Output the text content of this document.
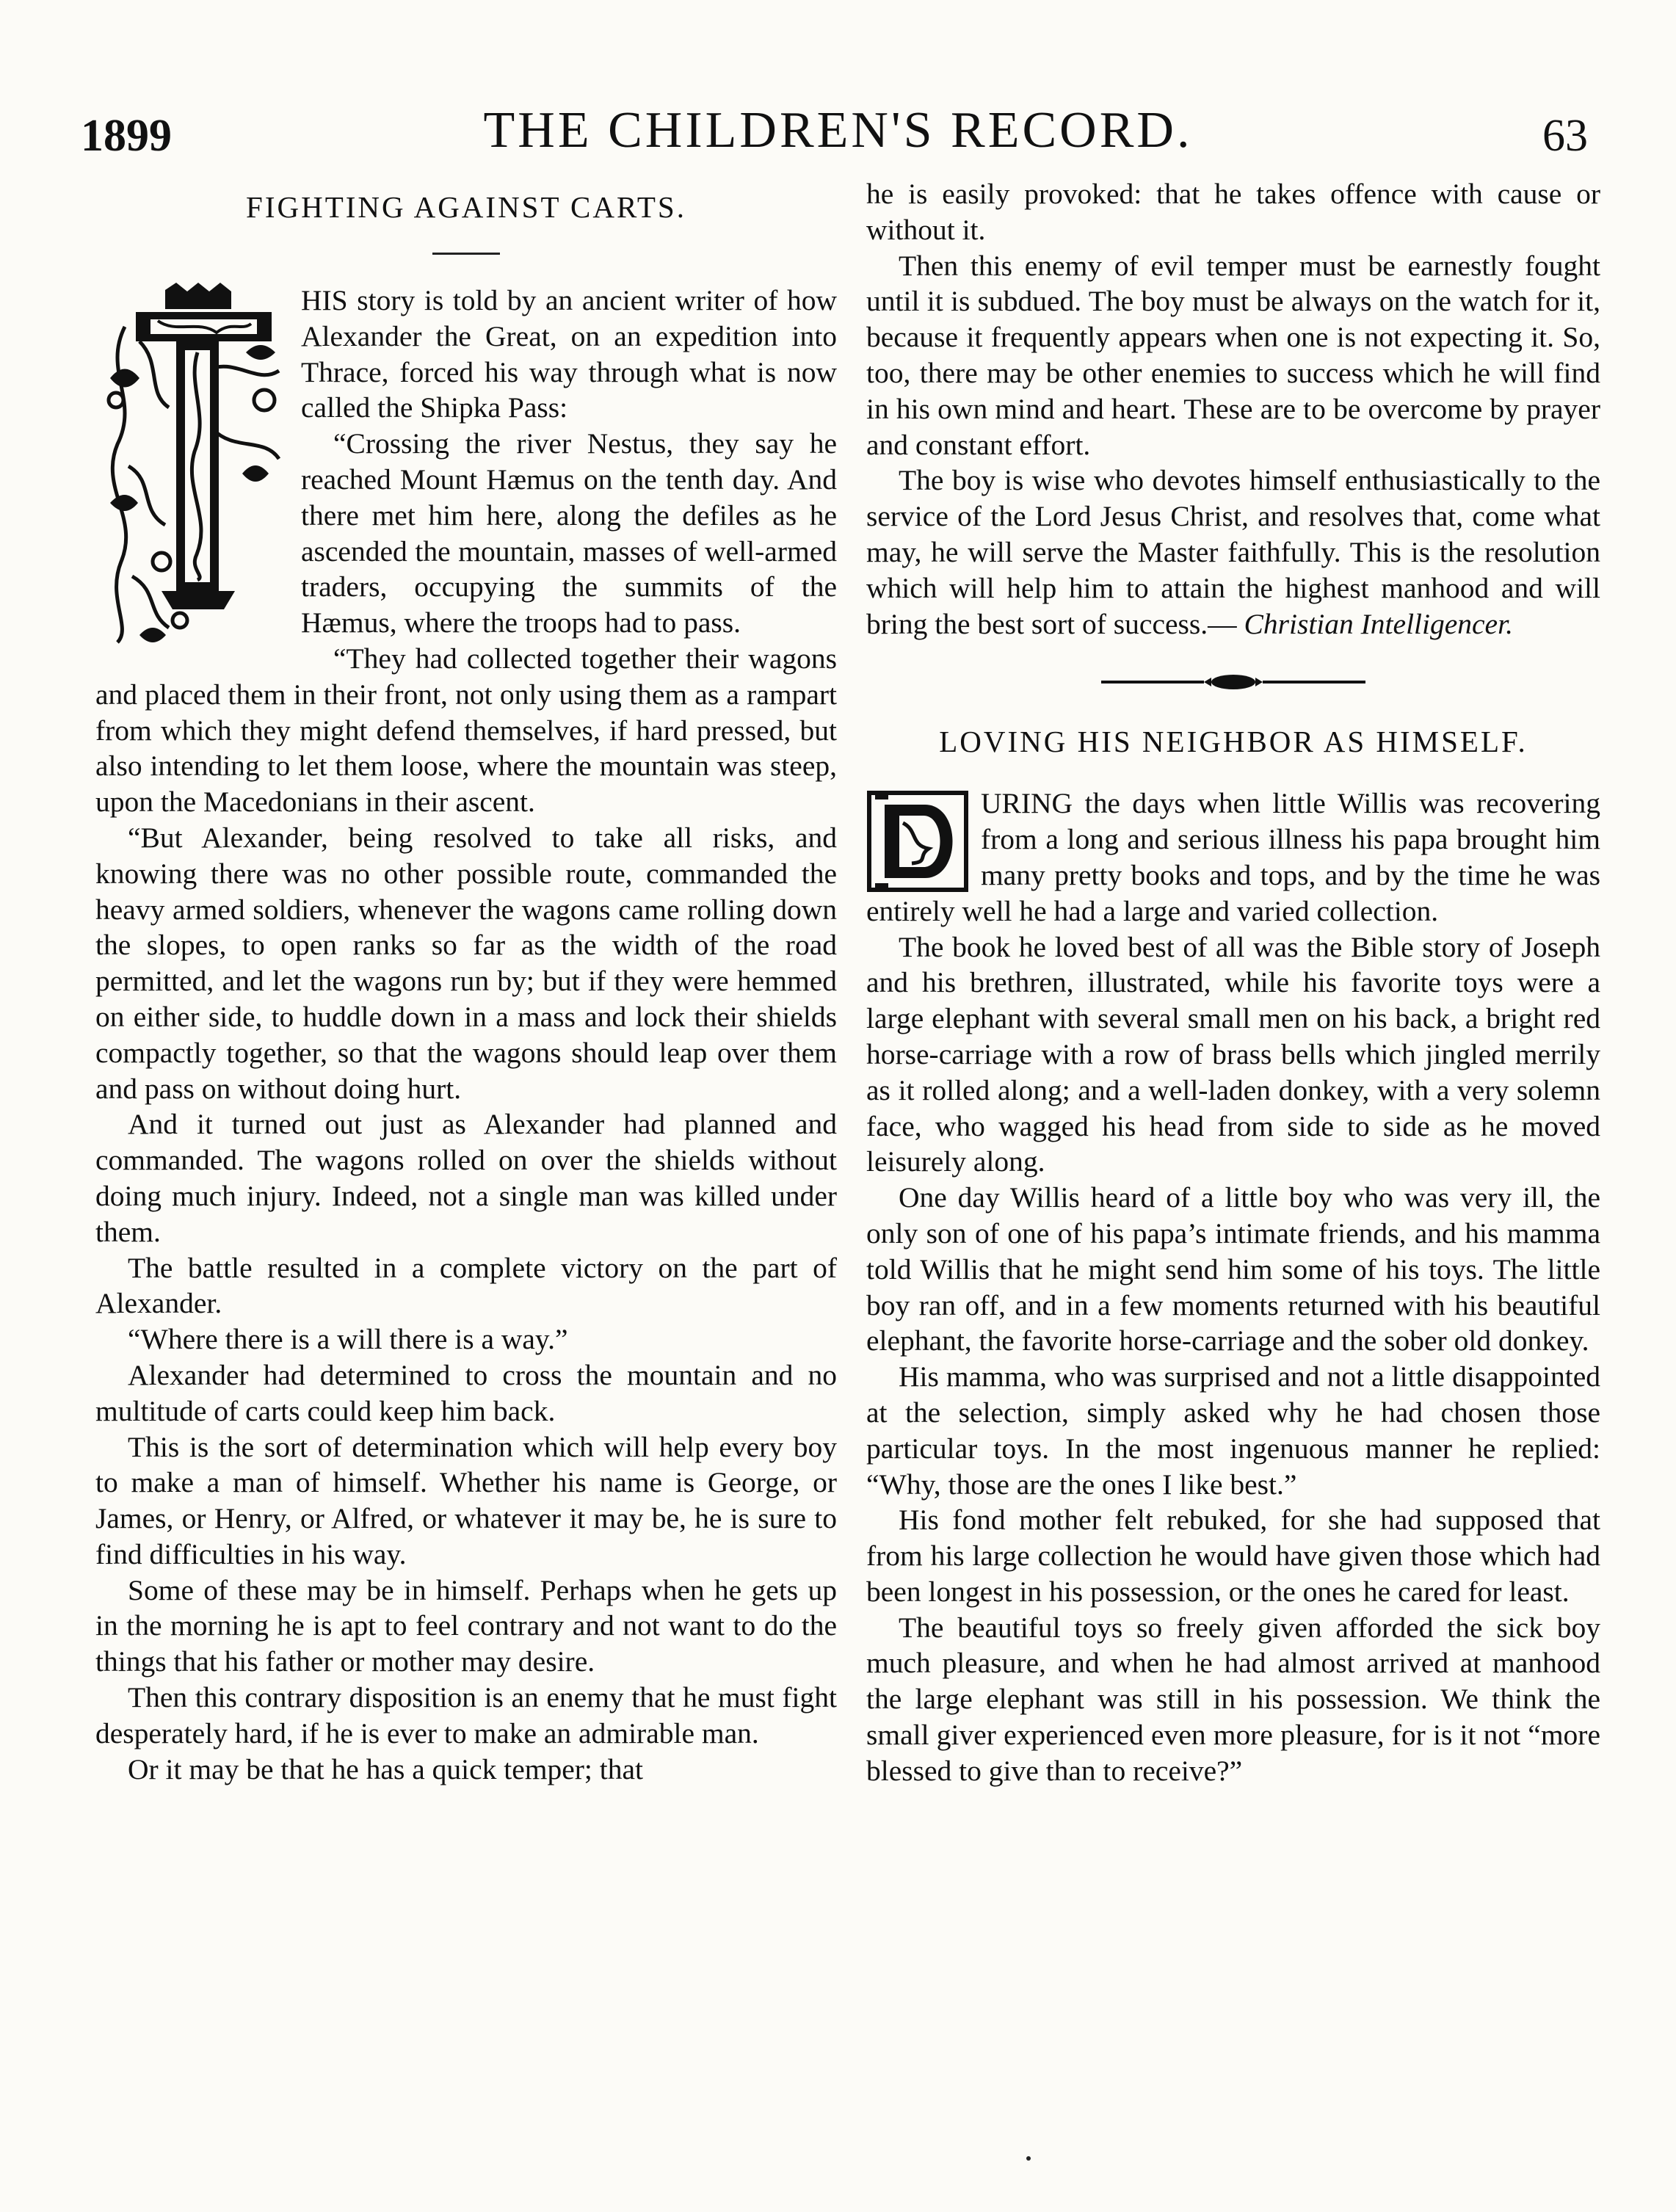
1899	THE CHILDREN'S RECORD.	63
FIGHTING AGAINST CARTS.
T	HIS story is told by an ancient writer of how Alexander the Great, on an expedition into Thrace, forced his way through what is now called the Shipka Pass:

“Crossing the river Nestus, they say he reached Mount Hæmus on the tenth day. And there met him here, along the defiles as he ascended the mountain, masses of well-armed traders, occupying the summits of the Hæmus, where the troops had to pass.

“They had collected together their wagons and placed them in their front, not only using them as a rampart from which they might defend themselves, if hard pressed, but also intending to let them loose, where the mountain was steep, upon the Macedonians in their ascent.

“But Alexander, being resolved to take all risks, and knowing there was no other possible route, commanded the heavy armed soldiers, whenever the wagons came rolling down the slopes, to open ranks so far as the width of the road permitted, and let the wagons run by; but if they were hemmed on either side, to huddle down in a mass and lock their shields compactly together, so that the wagons should leap over them and pass on without doing hurt.

And it turned out just as Alexander had planned and commanded. The wagons rolled on over the shields without doing much injury. Indeed, not a single man was killed under them.

The battle resulted in a complete victory on the part of Alexander.

“Where there is a will there is a way.”

Alexander had determined to cross the mountain and no multitude of carts could keep him back.

This is the sort of determination which will help every boy to make a man of himself. Whether his name is George, or James, or Henry, or Alfred, or whatever it may be, he is sure to find difficulties in his way.

Some of these may be in himself. Perhaps when he gets up in the morning he is apt to feel contrary and not want to do the things that his father or mother may desire.

Then this contrary disposition is an enemy that he must fight desperately hard, if he is ever to make an admirable man.

Or it may be that he has a quick temper; that

he is easily provoked: that he takes offence with cause or without it.

Then this enemy of evil temper must be earnestly fought until it is subdued. The boy must be always on the watch for it, because it frequently appears when one is not expecting it. So, too, there may be other enemies to success which he will find in his own mind and heart. These are to be overcome by prayer and constant effort.

The boy is wise who devotes himself enthusiastically to the service of the Lord Jesus Christ, and resolves that, come what may, he will serve the Master faithfully. This is the resolution which will help him to attain the highest manhood and will bring the best sort of success.— Christian Intelligencer.

LOVING HIS NEIGHBOR AS HIMSELF.
D	URING the days when little Willis was recovering from a long and serious illness his papa brought him many pretty books and tops, and by the time he was entirely well he had a large and varied collection.

The book he loved best of all was the Bible story of Joseph and his brethren, illustrated, while his favorite toys were a large elephant with several small men on his back, a bright red horse-carriage with a row of brass bells which jingled merrily as it rolled along; and a well-laden donkey, with a very solemn face, who wagged his head from side to side as he moved leisurely along.

One day Willis heard of a little boy who was very ill, the only son of one of his papa’s intimate friends, and his mamma told Willis that he might send him some of his toys. The little boy ran off, and in a few moments returned with his beautiful elephant, the favorite horse-carriage and the sober old donkey.

His mamma, who was surprised and not a little disappointed at the selection, simply asked why he had chosen those particular toys. In the most ingenuous manner he replied: “Why, those are the ones I like best.”

His fond mother felt rebuked, for she had supposed that from his large collection he would have given those which had been longest in his possession, or the ones he cared for least.

The beautiful toys so freely given afforded the sick boy much pleasure, and when he had almost arrived at manhood the large elephant was still in his possession. We think the small giver experienced even more pleasure, for is it not “more blessed to give than to receive?”
